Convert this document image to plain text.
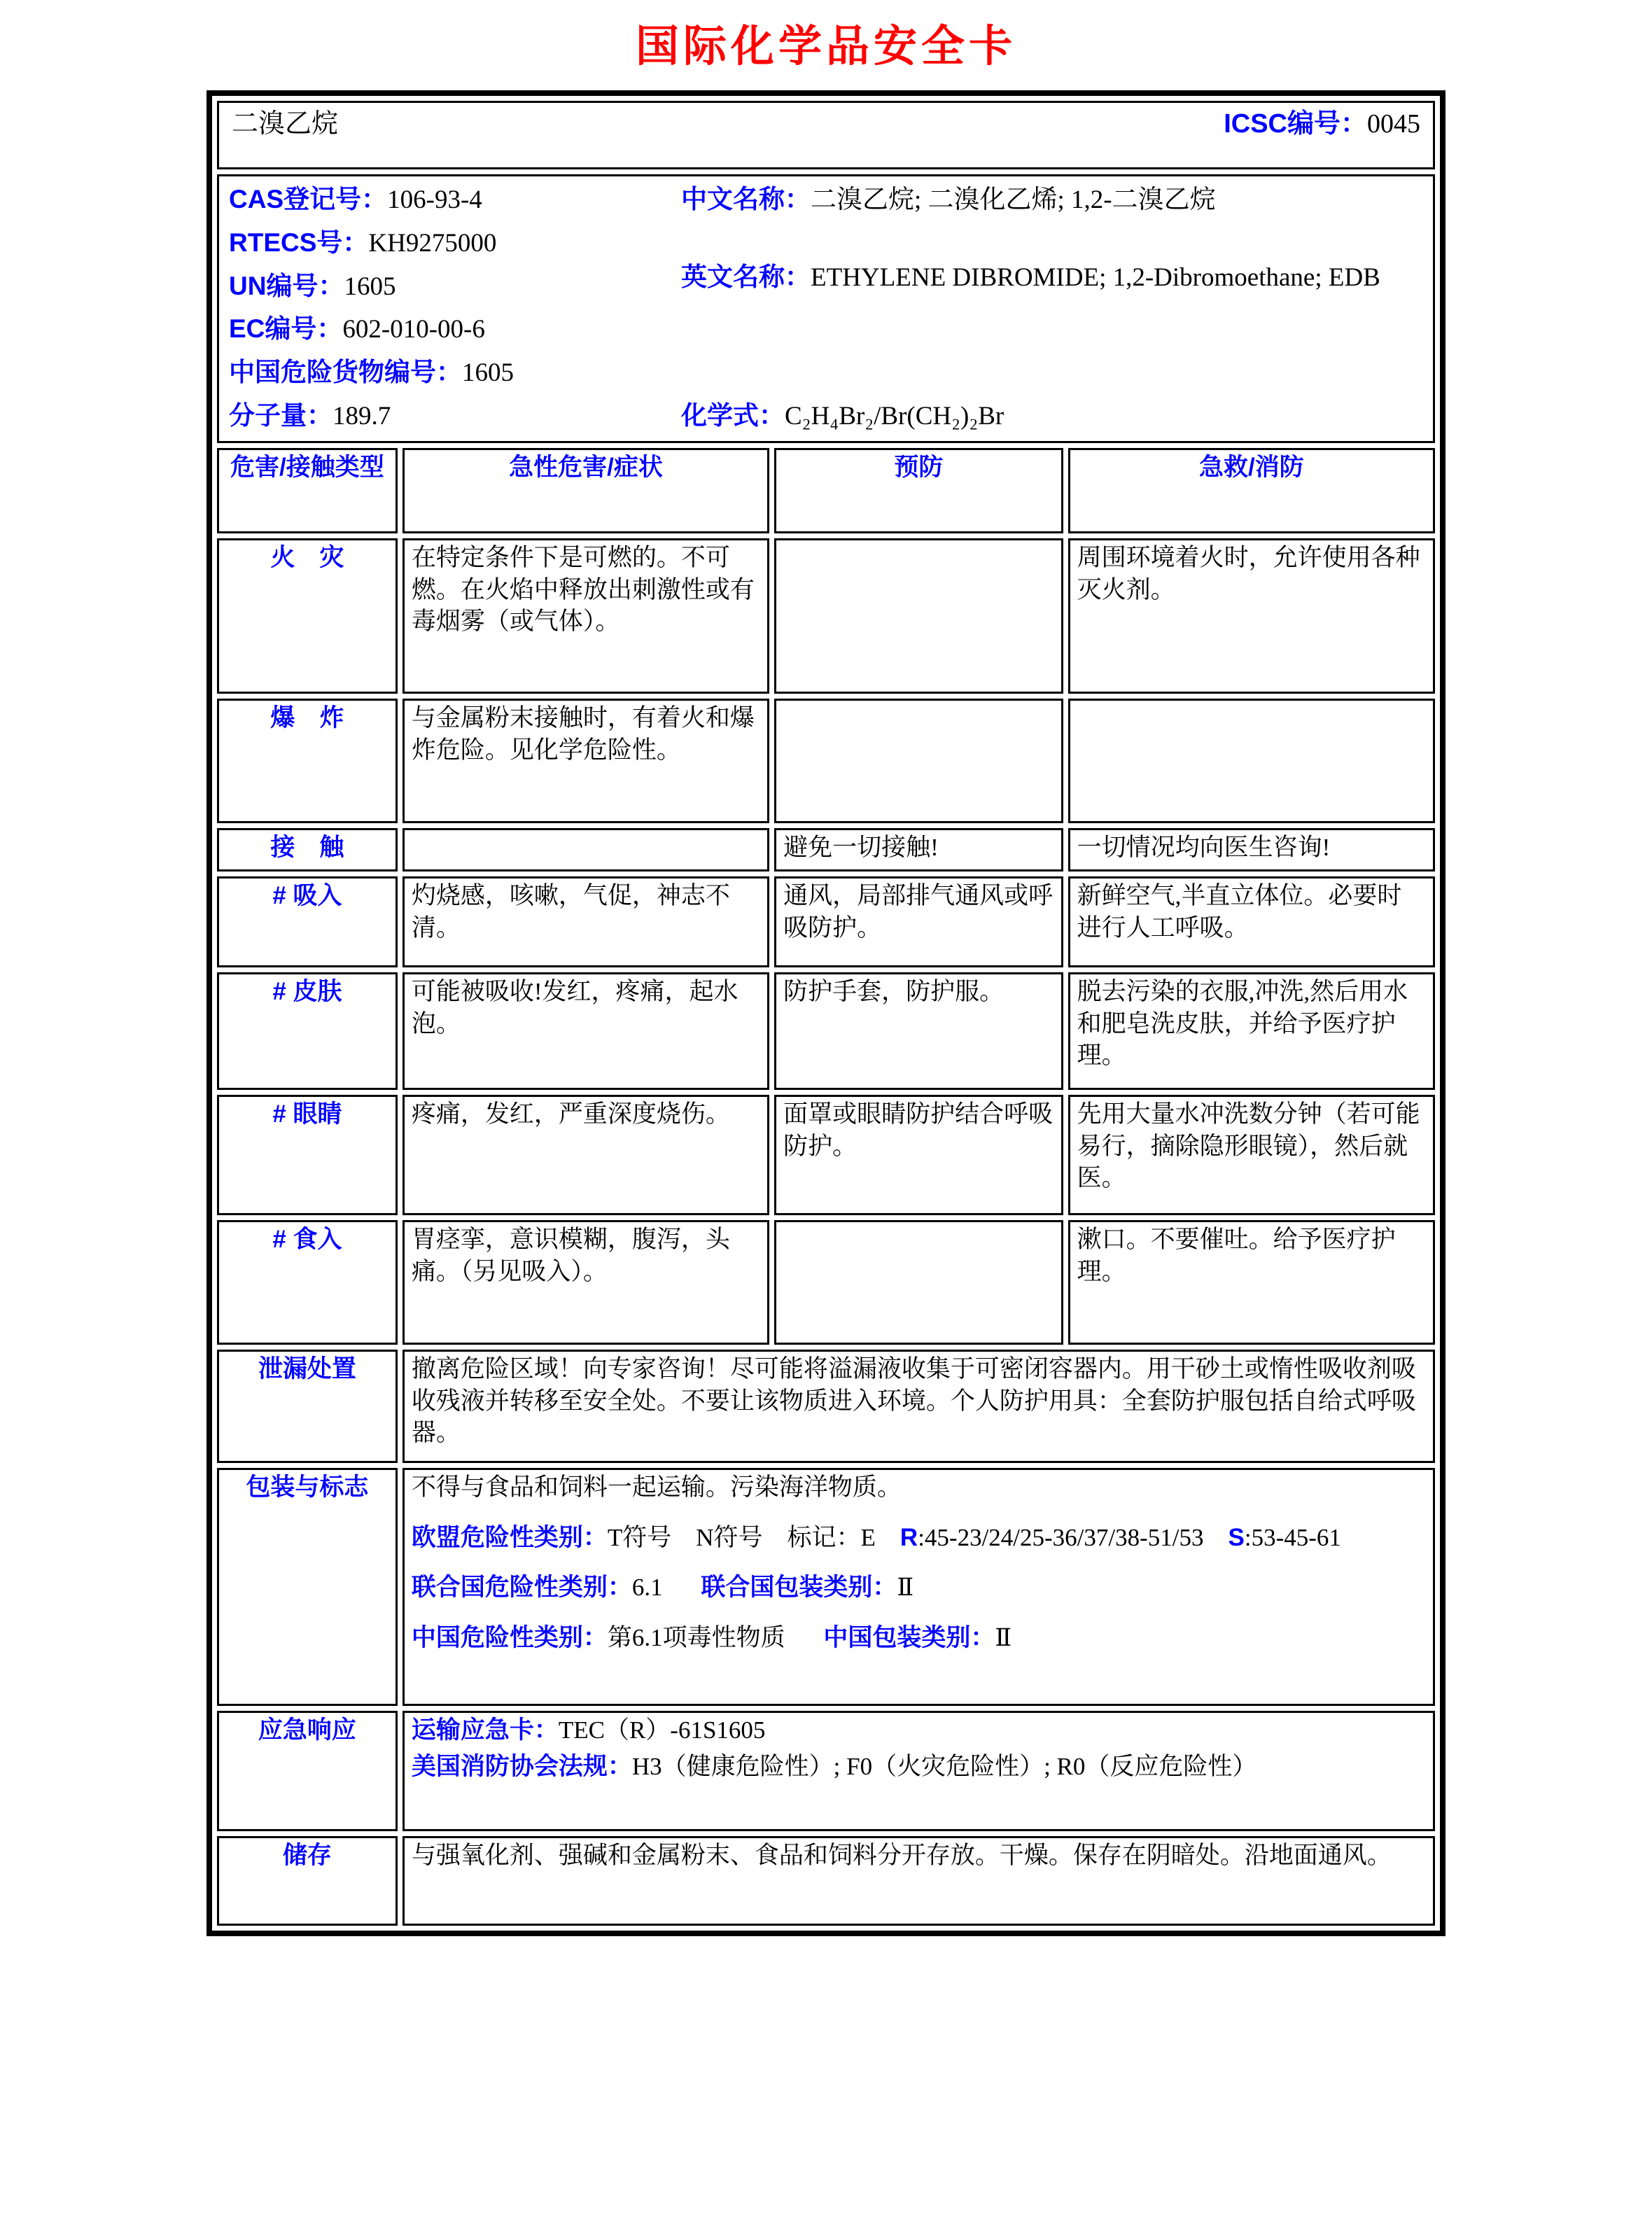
国际化学品安全卡
二溴乙烷 ICSC编号：0045			

CAS登记号：106-93-4
RTECS号：KH9275000
UN编号：1605
EC编号：602-010-00-6
中国危险货物编号：1605
分子量：189.7
中文名称：二溴乙烷; 二溴化乙烯; 1,2-二溴乙烷
英文名称：ETHYLENE DIBROMIDE; 1,2-Dibromoethane; EDB
化学式：C₂H₄Br₂/Br(CH₂)₂Br

危害/接触类型	急性危害/症状	预防	急救/消防
火　灾	在特定条件下是可燃的。不可燃。在火焰中释放出刺激性或有毒烟雾（或气体）。		周围环境着火时，允许使用各种灭火剂。
爆　炸	与金属粉末接触时，有着火和爆炸危险。见化学危险性。		
接　触		避免一切接触!	一切情况均向医生咨询!
# 吸入	灼烧感，咳嗽，气促，神志不清。	通风，局部排气通风或呼吸防护。	新鲜空气,半直立体位。必要时进行人工呼吸。
# 皮肤	可能被吸收!发红，疼痛，起水泡。	防护手套，防护服。	脱去污染的衣服,冲洗,然后用水和肥皂洗皮肤，并给予医疗护理。
# 眼睛	疼痛，发红，严重深度烧伤。	面罩或眼睛防护结合呼吸防护。	先用大量水冲洗数分钟（若可能易行，摘除隐形眼镜），然后就医。
# 食入	胃痉挛，意识模糊，腹泻，头痛。（另见吸入）。		漱口。不要催吐。给予医疗护理。
泄漏处置	撤离危险区域！向专家咨询！尽可能将溢漏液收集于可密闭容器内。用干砂土或惰性吸收剂吸收残液并转移至安全处。不要让该物质进入环境。个人防护用具：全套防护服包括自给式呼吸器。		
包装与标志	不得与食品和饲料一起运输。污染海洋物质。

欧盟危险性类别：T符号　N符号　标记：E　R:45-23/24/25-36/37/38-51/53　S:53-45-61

联合国危险性类别：6.1 联合国包装类别：Ⅱ

中国危险性类别：第6.1项毒性物质 中国包装类别：Ⅱ		

应急响应	运输应急卡：TEC（R）-61S1605

美国消防协会法规：H3（健康危险性）; F0（火灾危险性）; R0（反应危险性）		

储存	与强氧化剂、强碱和金属粉末、食品和饲料分开存放。干燥。保存在阴暗处。沿地面通风。		
